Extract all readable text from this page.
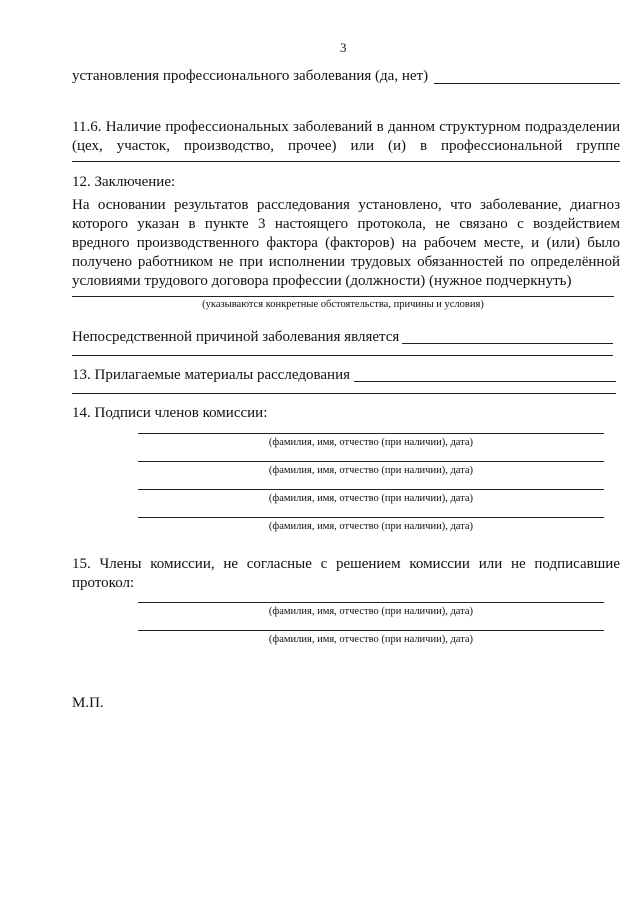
3
установления профессионального заболевания (да, нет)
11.6. Наличие профессиональных заболеваний в данном структурном подразделении
(цех, участок, производство, прочее) или (и) в профессиональной группе
12. Заключение:
На основании результатов расследования установлено, что заболевание, диагноз
которого указан в пункте 3 настоящего протокола, не связано с воздействием
вредного производственного фактора (факторов) на рабочем месте, и (или) было
получено работником не при исполнении трудовых обязанностей по определённой
условиями трудового договора профессии (должности) (нужное подчеркнуть)
(указываются конкретные обстоятельства, причины и условия)
Непосредственной причиной заболевания является
13. Прилагаемые материалы расследования
14. Подписи членов комиссии:
(фамилия, имя, отчество (при наличии), дата)
(фамилия, имя, отчество (при наличии), дата)
(фамилия, имя, отчество (при наличии), дата)
(фамилия, имя, отчество (при наличии), дата)
15. Члены комиссии, не согласные с решением комиссии или не подписавшие
протокол:
(фамилия, имя, отчество (при наличии), дата)
(фамилия, имя, отчество (при наличии), дата)
М.П.
